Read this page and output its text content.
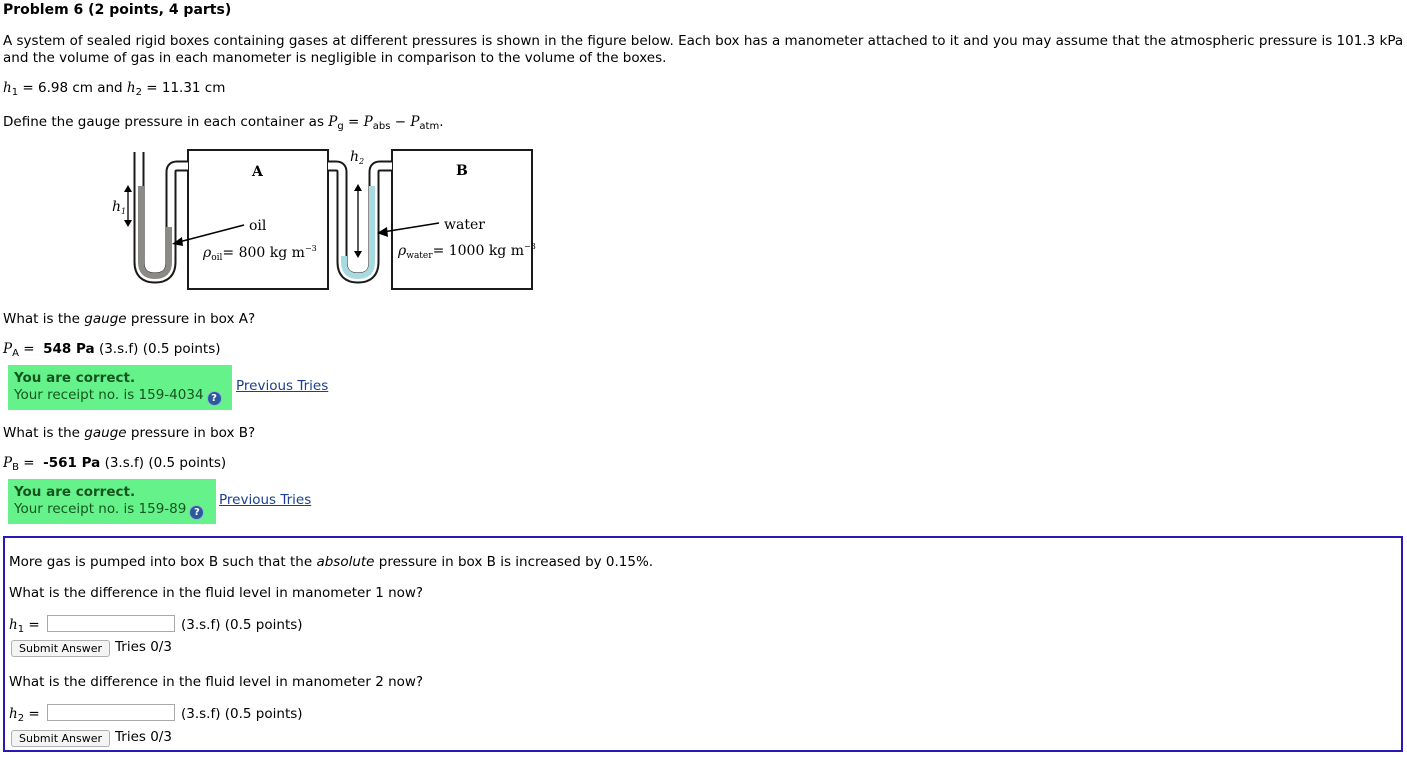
Problem 6 (2 points, 4 parts)
A system of sealed rigid boxes containing gases at different pressures is shown in the figure below. Each box has a manometer attached to it and you may assume that the atmospheric pressure is 101.3 kPa
and the volume of gas in each manometer is negligible in comparison to the volume of the boxes.
$h_1 = 6.98$ cm and $h_2 = 11.31$ cm
Define the gauge pressure in each container as $P_g = P_{abs} - P_{atm}$.
$h_1$
$h_2$
A	B
oil
$\rho_{oil}= 800$ kg $m^{-3}$
water
$\rho_{water}= 1000$ kg $m^{-3}$
What is the gauge pressure in box A?
$P_A = 548$ Pa (3.s.f) (0.5 points)
You are correct.
Your receipt no. is 159-4034 ?
Previous Tries
What is the gauge pressure in box B?
$P_B = -561$ Pa (3.s.f) (0.5 points)
You are correct.
Your receipt no. is 159-89 ?
Previous Tries
More gas is pumped into box B such that the absolute pressure in box B is increased by 0.15%.
What is the difference in the fluid level in manometer 1 now?
$h_1$ =	(3.s.f) (0.5 points)
Submit Answer Tries 0/3
What is the difference in the fluid level in manometer 2 now?
$h_2$ =	(3.s.f) (0.5 points)
Submit Answer Tries 0/3
